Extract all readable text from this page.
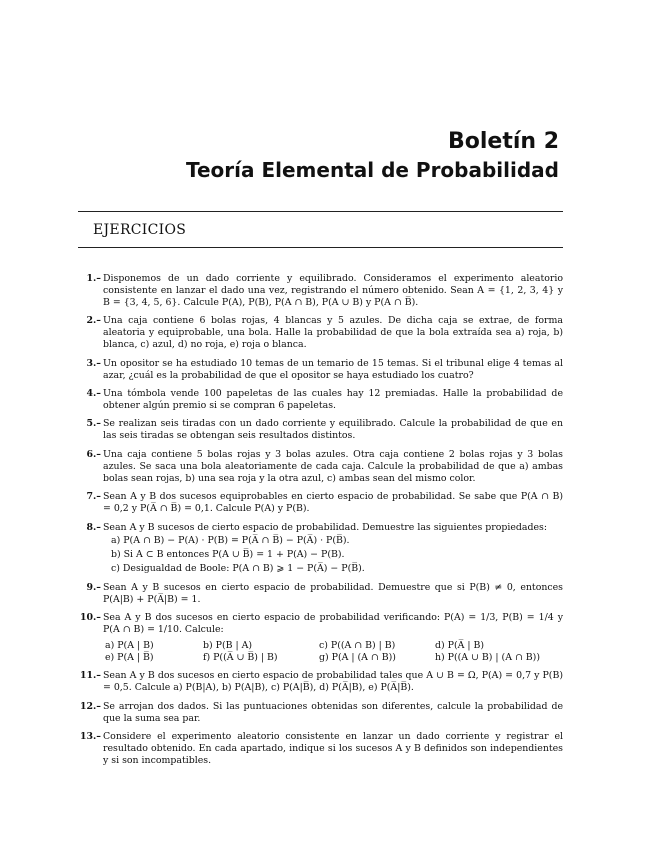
Boletín 2
Teoría Elemental de Probabilidad
EJERCICIOS
1.– Disponemos de un dado corriente y equilibrado. Consideramos el experimento aleatorio consistente en lanzar el dado una vez, registrando el número obtenido. Sean A = {1, 2, 3, 4} y B = {3, 4, 5, 6}. Calcule P(A), P(B), P(A ∩ B), P(A ∪ B) y P(A ∩ B̅).
2.– Una caja contiene 6 bolas rojas, 4 blancas y 5 azules. De dicha caja se extrae, de forma aleatoria y equiprobable, una bola. Halle la probabilidad de que la bola extraída sea a) roja, b) blanca, c) azul, d) no roja, e) roja o blanca.
3.– Un opositor se ha estudiado 10 temas de un temario de 15 temas. Si el tribunal elige 4 temas al azar, ¿cuál es la probabilidad de que el opositor se haya estudiado los cuatro?
4.– Una tómbola vende 100 papeletas de las cuales hay 12 premiadas. Halle la probabilidad de obtener algún premio si se compran 6 papeletas.
5.– Se realizan seis tiradas con un dado corriente y equilibrado. Calcule la probabilidad de que en las seis tiradas se obtengan seis resultados distintos.
6.– Una caja contiene 5 bolas rojas y 3 bolas azules. Otra caja contiene 2 bolas rojas y 3 bolas azules. Se saca una bola aleatoriamente de cada caja. Calcule la probabilidad de que a) ambas bolas sean rojas, b) una sea roja y la otra azul, c) ambas sean del mismo color.
7.– Sean A y B dos sucesos equiprobables en cierto espacio de probabilidad. Se sabe que P(A ∩ B) = 0,2 y P(A̅ ∩ B̅) = 0,1. Calcule P(A) y P(B).
8.– Sean A y B sucesos de cierto espacio de probabilidad. Demuestre las siguientes propiedades:
a) P(A ∩ B) − P(A) · P(B) = P(A̅ ∩ B̅) − P(A̅) · P(B̅).
b) Si A ⊂ B entonces P(A ∪ B̅) = 1 + P(A) − P(B).
c) Desigualdad de Boole: P(A ∩ B) ⩾ 1 − P(A̅) − P(B̅).
9.– Sean A y B sucesos en cierto espacio de probabilidad. Demuestre que si P(B) ≠ 0, entonces P(A|B) + P(A̅|B) = 1.
10.– Sea A y B dos sucesos en cierto espacio de probabilidad verificando: P(A) = 1/3, P(B) = 1/4 y P(A ∩ B) = 1/10. Calcule:
a) P(A | B)	b) P(B | A)	c) P((A ∩ B) | B)	d) P(A̅ | B)
e) P(A | B̅)	f) P((A̅ ∪ B̅) | B)	g) P(A | (A ∩ B))	h) P((A ∪ B) | (A ∩ B))
11.– Sean A y B dos sucesos en cierto espacio de probabilidad tales que A ∪ B = Ω, P(A) = 0,7 y P(B) = 0,5. Calcule a) P(B|A), b) P(A|B), c) P(A|B̅), d) P(A̅|B), e) P(A̅|B̅).
12.– Se arrojan dos dados. Si las puntuaciones obtenidas son diferentes, calcule la probabilidad de que la suma sea par.
13.– Considere el experimento aleatorio consistente en lanzar un dado corriente y registrar el resultado obtenido. En cada apartado, indique si los sucesos A y B definidos son independientes y si son incompatibles.
